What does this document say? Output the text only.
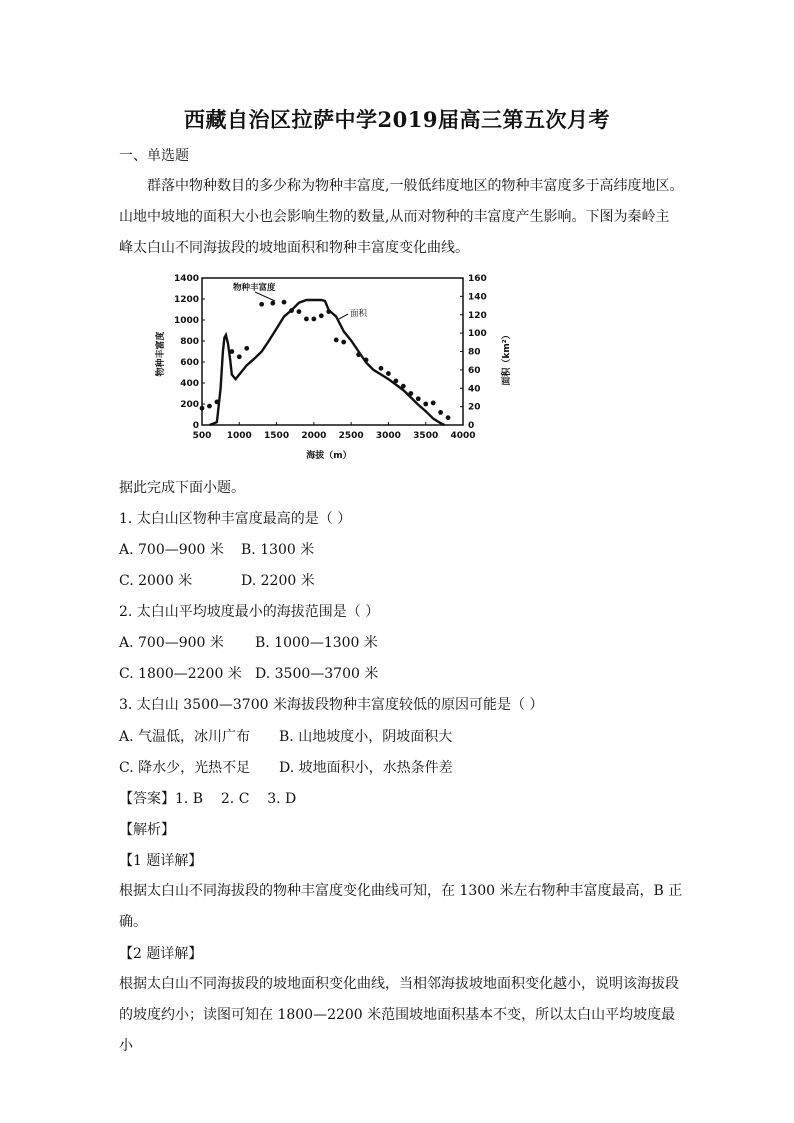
西藏自治区拉萨中学2019届高三第五次月考
一、单选题
群落中物种数目的多少称为物种丰富度,一般低纬度地区的物种丰富度多于高纬度地区。
山地中坡地的面积大小也会影响生物的数量,从而对物种的丰富度产生影响。下图为秦岭主
峰太白山不同海拔段的坡地面积和物种丰富度变化曲线。
500 1000 1500 2000 2500 3000 3500 4000
0
200
400
600
800
1000
1200
1400
0
20
40
60
80
100
120
140
160
物种丰富度
面积
海拔（m）
物种丰富度	面积（km²）
据此完成下面小题。
1. 太白山区物种丰富度最高的是（ ）
A. 700—900 米 B. 1300 米
C. 2000 米	D. 2200 米
2. 太白山平均坡度最小的海拔范围是（ ）
A. 700—900 米 B. 1000—1300 米
C. 1800—2200 米 D. 3500—3700 米
3. 太白山 3500—3700 米海拔段物种丰富度较低的原因可能是（ ）
A. 气温低，冰川广布 B. 山地坡度小，阴坡面积大
C. 降水少，光热不足 D. 坡地面积小，水热条件差
【答案】1. B    2. C    3. D
【解析】
【1 题详解】
根据太白山不同海拔段的物种丰富度变化曲线可知，在 1300 米左右物种丰富度最高，B 正
确。
【2 题详解】
根据太白山不同海拔段的坡地面积变化曲线，当相邻海拔坡地面积变化越小，说明该海拔段
的坡度约小；读图可知在 1800—2200 米范围坡地面积基本不变，所以太白山平均坡度最小
